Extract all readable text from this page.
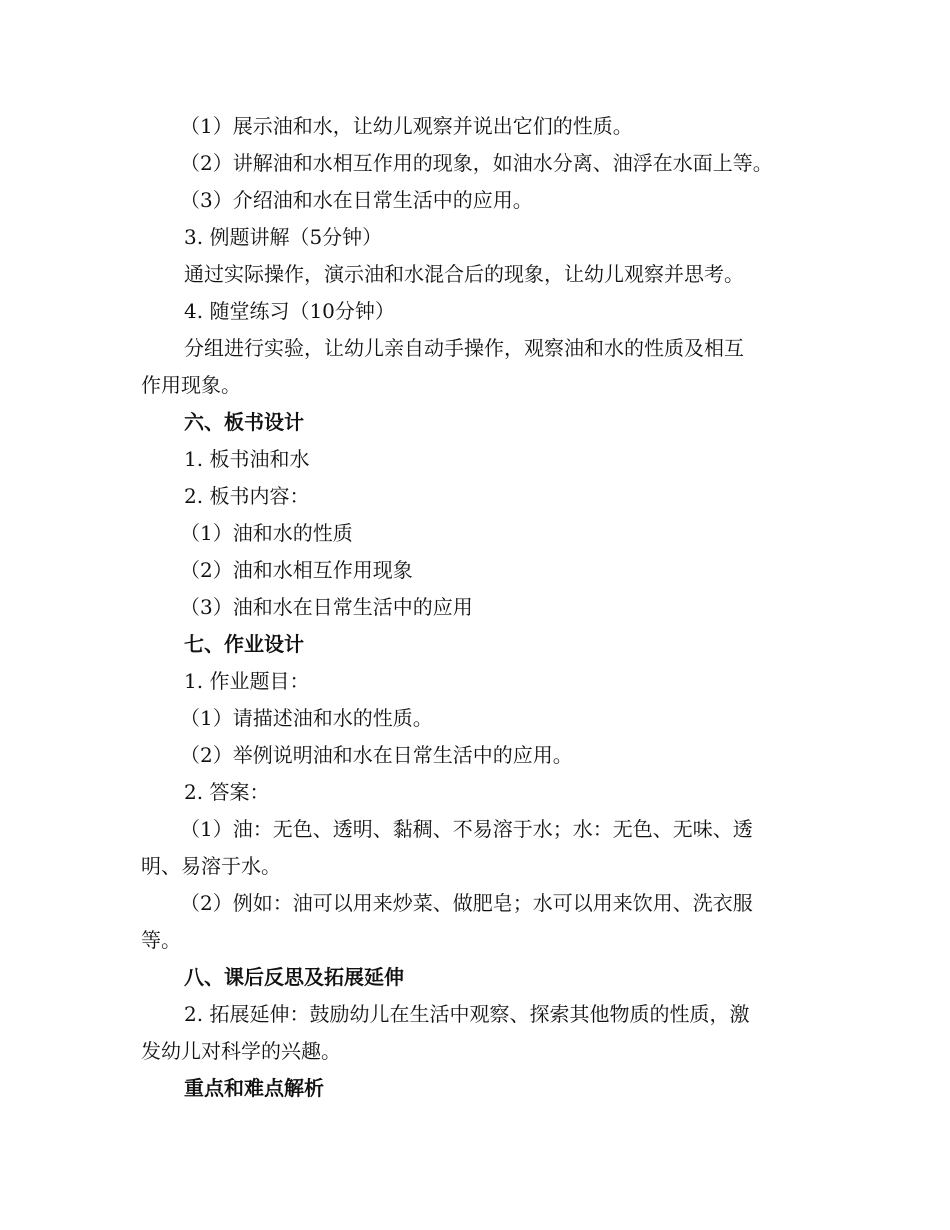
（1）展示油和水，让幼儿观察并说出它们的性质。
（2）讲解油和水相互作用的现象，如油水分离、油浮在水面上等。
（3）介绍油和水在日常生活中的应用。
3. 例题讲解（5分钟）
通过实际操作，演示油和水混合后的现象，让幼儿观察并思考。
4. 随堂练习（10分钟）
分组进行实验，让幼儿亲自动手操作，观察油和水的性质及相互
作用现象。
六、板书设计
1. 板书油和水
2. 板书内容：
（1）油和水的性质
（2）油和水相互作用现象
（3）油和水在日常生活中的应用
七、作业设计
1. 作业题目：
（1）请描述油和水的性质。
（2）举例说明油和水在日常生活中的应用。
2. 答案：
（1）油：无色、透明、黏稠、不易溶于水；水：无色、无味、透
明、易溶于水。
（2）例如：油可以用来炒菜、做肥皂；水可以用来饮用、洗衣服
等。
八、课后反思及拓展延伸
2. 拓展延伸：鼓励幼儿在生活中观察、探索其他物质的性质，激
发幼儿对科学的兴趣。
重点和难点解析
